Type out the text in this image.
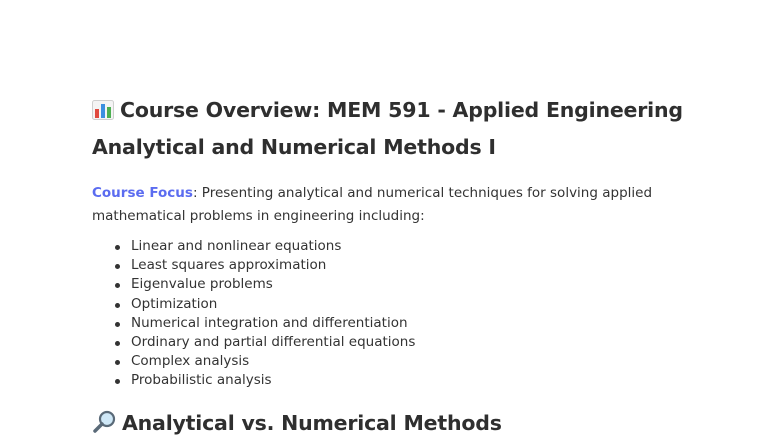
Course Overview: MEM 591 - Applied Engineering
Analytical and Numerical Methods I
Course Focus: Presenting analytical and numerical techniques for solving applied mathematical problems in engineering including:
Linear and nonlinear equations
Least squares approximation
Eigenvalue problems
Optimization
Numerical integration and differentiation
Ordinary and partial differential equations
Complex analysis
Probabilistic analysis
Analytical vs. Numerical Methods
